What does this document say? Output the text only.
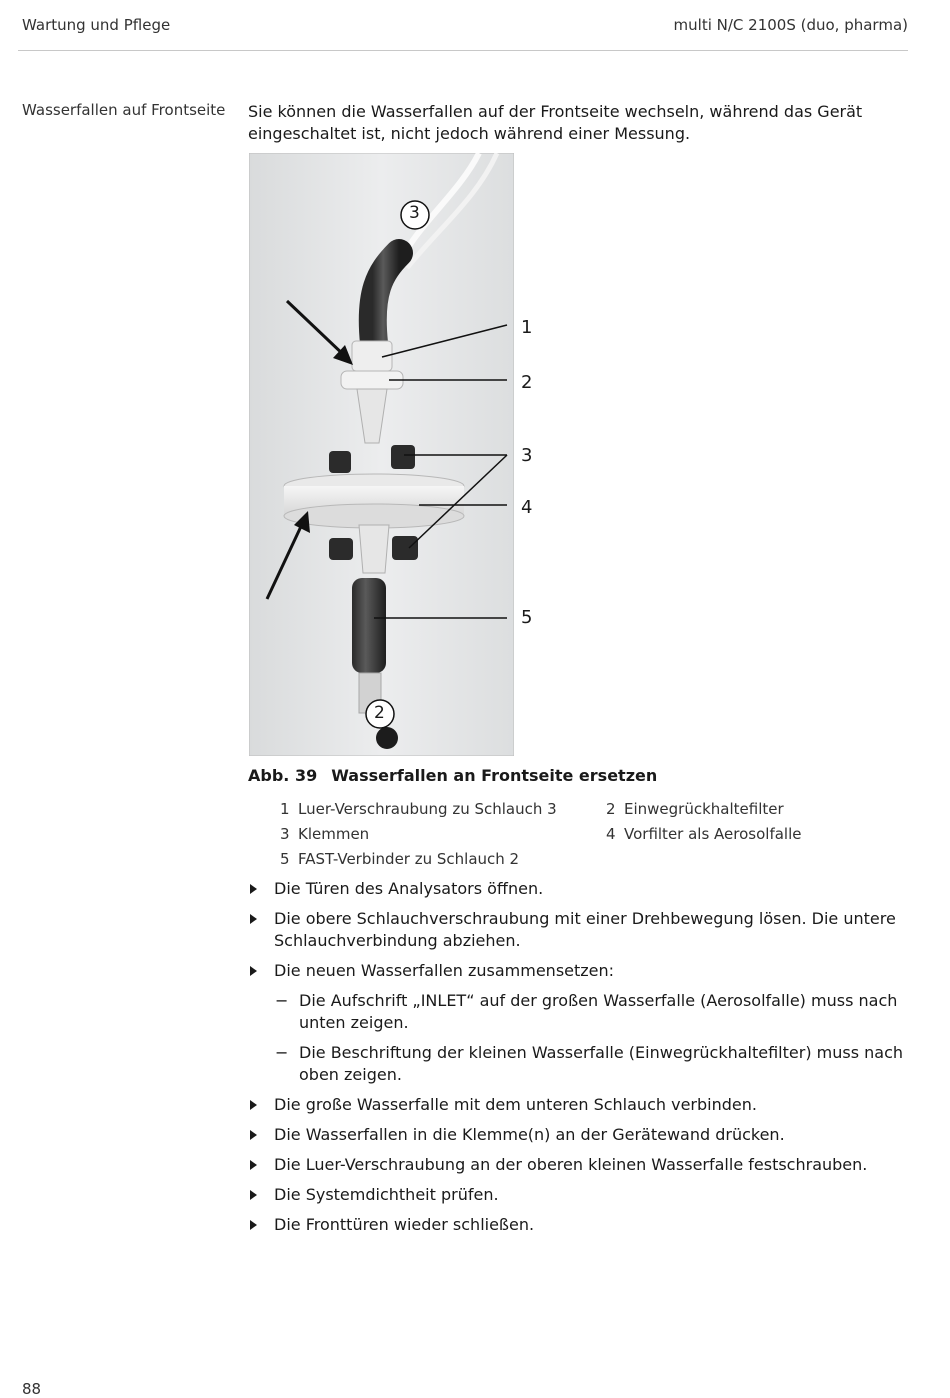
Wartung und Pflege	multi N/C 2100S (duo, pharma)
Wasserfallen auf Frontseite Sie können die Wasserfallen auf der Frontseite wechseln, während das Gerät eingeschaltet ist, nicht jedoch während einer Messung.
3
1
2
3
4
5
2
Abb. 39 Wasserfallen an Frontseite ersetzen
1 Luer-Verschraubung zu Schlauch 3	2 Einwegrückhaltefilter
3 Klemmen	4 Vorfilter als Aerosolfalle
5 FAST-Verbinder zu Schlauch 2
Die Türen des Analysators öffnen.
Die obere Schlauchverschraubung mit einer Drehbewegung lösen. Die untere Schlauchverbindung abziehen.
Die neuen Wasserfallen zusammensetzen:
− Die Aufschrift „INLET“ auf der großen Wasserfalle (Aerosolfalle) muss nach unten zeigen.
− Die Beschriftung der kleinen Wasserfalle (Einwegrückhaltefilter) muss nach oben zeigen.
Die große Wasserfalle mit dem unteren Schlauch verbinden.
Die Wasserfallen in die Klemme(n) an der Gerätewand drücken.
Die Luer-Verschraubung an der oberen kleinen Wasserfalle festschrauben.
Die Systemdichtheit prüfen.
Die Fronttüren wieder schließen.
88
